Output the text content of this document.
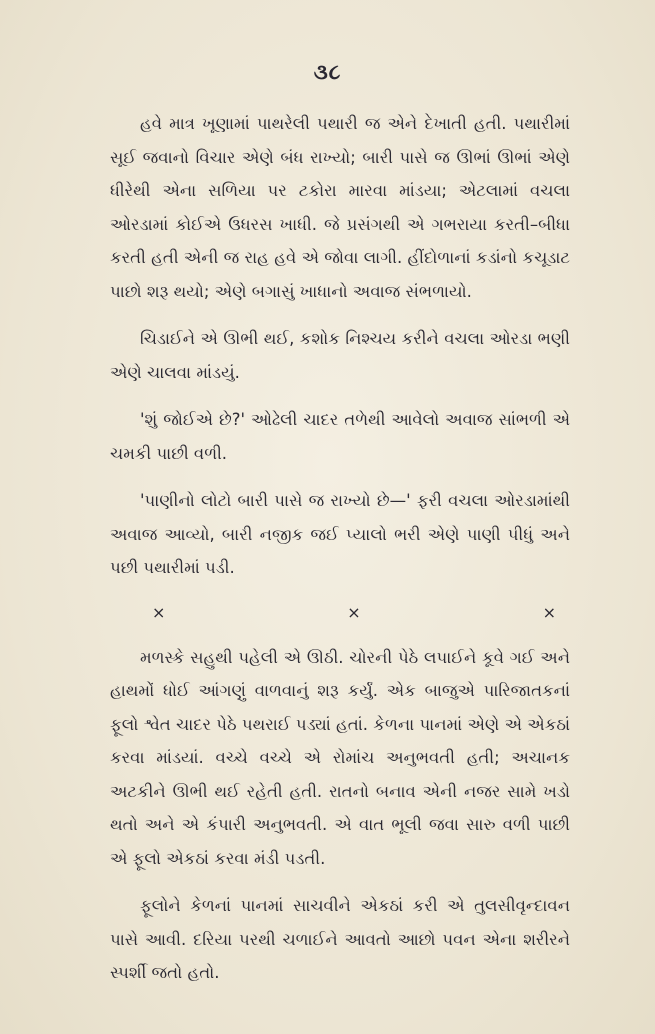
૩૮

હવે માત્ર ખૂણામાં પાથરેલી પથારી જ એને દેખાતી હતી. પથારીમાં સૂઈ જવાનો વિચાર એણે બંધ રાખ્યો; બારી પાસે જ ઊભાં ઊભાં એણે ધીરેથી એના સળિયા પર ટકોરા મારવા માંડયા; એટલામાં વચલા ઓરડામાં કોઈએ ઉધરસ ખાધી. જે પ્રસંગથી એ ગભરાયા કરતી–બીધા કરતી હતી એની જ રાહ હવે એ જોવા લાગી. હીંદોળાનાં કડાંનો કચૂડાટ પાછો શરૂ થયો; એણે બગાસું ખાધાનો અવાજ સંભળાયો.

ચિડાઈને એ ઊભી થઈ, કશોક નિશ્ચય કરીને વચલા ઓરડા ભણી એણે ચાલવા માંડયું.

'શું જોઈએ છે?' ઓઢેલી ચાદર તળેથી આવેલો અવાજ સાંભળી એ ચમકી પાછી વળી.

'પાણીનો લોટો બારી પાસે જ રાખ્યો છે—' ફરી વચલા ઓરડામાંથી અવાજ આવ્યો, બારી નજીક જઈ પ્યાલો ભરી એણે પાણી પીધું અને પછી પથારીમાં પડી.

×	×	×

મળસ્કે સહુથી પહેલી એ ઊઠી. ચોરની પેઠે લપાઈને કૂવે ગઈ અને હાથમોં ધોઈ આંગણું વાળવાનું શરૂ કર્યું. એક બાજુએ પારિજાતકનાં ફૂલો શ્વેત ચાદર પેઠે પથરાઈ પડ્યાં હતાં. કેળના પાનમાં એણે એ એકઠાં કરવા માંડયાં. વચ્ચે વચ્ચે એ રોમાંચ અનુભવતી હતી; અચાનક અટકીને ઊભી થઈ રહેતી હતી. રાતનો બનાવ એની નજર સામે ખડો થતો અને એ કંપારી અનુભવતી. એ વાત ભૂલી જવા સારુ વળી પાછી એ ફૂલો એકઠાં કરવા મંડી પડતી.

ફૂલોને કેળનાં પાનમાં સાચવીને એકઠાં કરી એ તુલસીવૃન્દાવન પાસે આવી. દરિયા પરથી ચળાઈને આવતો આછો પવન એના શરીરને સ્પર્શી જતો હતો.
